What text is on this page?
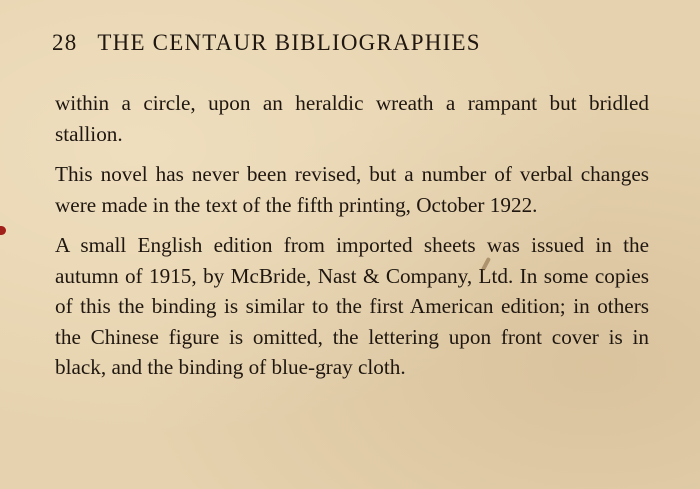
28 THE CENTAUR BIBLIOGRAPHIES

within a circle, upon an heraldic wreath a rampant but bridled stallion.

This novel has never been revised, but a number of verbal changes were made in the text of the fifth printing, October 1922.

A small English edition from imported sheets was issued in the autumn of 1915, by McBride, Nast & Company, Ltd. In some copies of this the binding is similar to the first American edition; in others the Chinese figure is omitted, the lettering upon front cover is in black, and the binding of blue-gray cloth.
